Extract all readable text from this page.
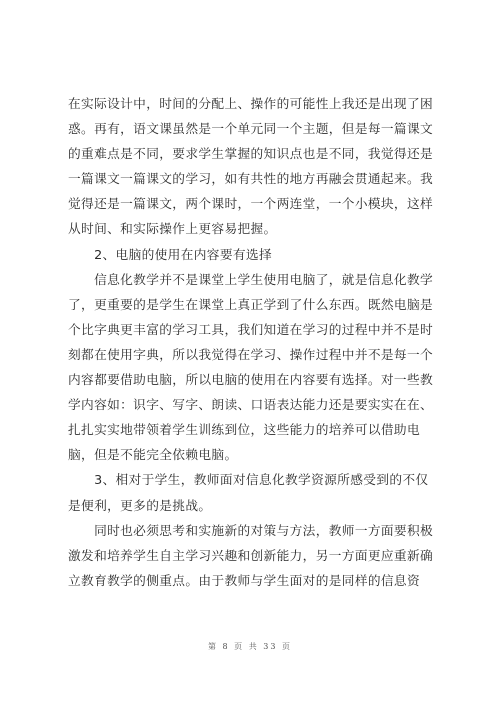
在实际设计中，时间的分配上、操作的可能性上我还是出现了困
惑。再有，语文课虽然是一个单元同一个主题，但是每一篇课文
的重难点是不同，要求学生掌握的知识点也是不同，我觉得还是
一篇课文一篇课文的学习，如有共性的地方再融会贯通起来。我
觉得还是一篇课文，两个课时，一个两连堂，一个小模块，这样
从时间、和实际操作上更容易把握。
　　2、电脑的使用在内容要有选择
　　信息化教学并不是课堂上学生使用电脑了，就是信息化教学
了，更重要的是学生在课堂上真正学到了什么东西。既然电脑是
个比字典更丰富的学习工具，我们知道在学习的过程中并不是时
刻都在使用字典，所以我觉得在学习、操作过程中并不是每一个
内容都要借助电脑，所以电脑的使用在内容要有选择。对一些教
学内容如：识字、写字、朗读、口语表达能力还是要实实在在、
扎扎实实地带领着学生训练到位，这些能力的培养可以借助电
脑，但是不能完全依赖电脑。
　　3、相对于学生，教师面对信息化教学资源所感受到的不仅
是便利，更多的是挑战。
　　同时也必须思考和实施新的对策与方法，教师一方面要积极
激发和培养学生自主学习兴趣和创新能力，另一方面更应重新确
立教育教学的侧重点。由于教师与学生面对的是同样的信息资
第 8 页 共 33 页
